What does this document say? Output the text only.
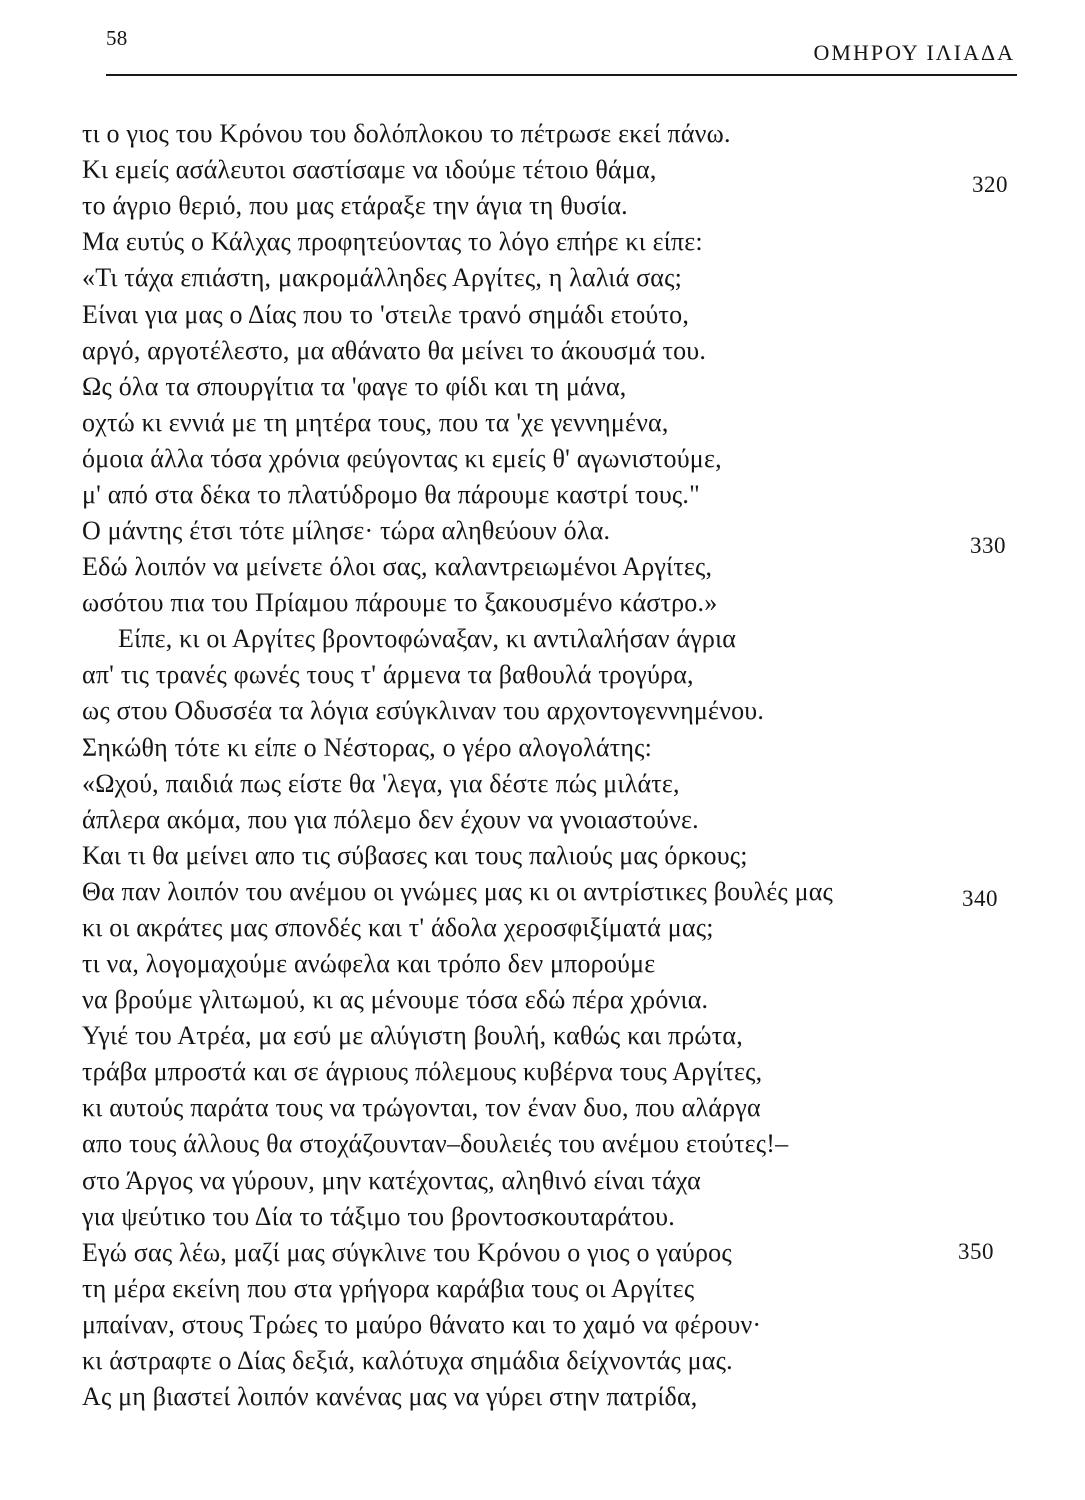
58
ΟΜΗΡΟΥ ΙΛΙΑΔΑ
τι ο γιος του Κρόνου του δολόπλοκου το πέτρωσε εκεί πάνω.
Κι εμείς ασάλευτοι σαστίσαμε να ιδούμε τέτοιο θάμα,
το άγριο θεριό, που μας ετάραξε την άγια τη θυσία.
Μα ευτύς ο Κάλχας προφητεύοντας το λόγο επήρε κι είπε:
«Τι τάχα επιάστη, μακρομάλληδες Αργίτες, η λαλιά σας;
Είναι για μας ο Δίας που το 'στειλε τρανό σημάδι ετούτο,
αργό, αργοτέλεστο, μα αθάνατο θα μείνει το άκουσμά του.
Ως όλα τα σπουργίτια τα 'φαγε το φίδι και τη μάνα,
οχτώ κι εννιά με τη μητέρα τους, που τα 'χε γεννημένα,
όμοια άλλα τόσα χρόνια φεύγοντας κι εμείς θ' αγωνιστούμε,
μ' από στα δέκα το πλατύδρομο θα πάρουμε καστρί τους."
Ο μάντης έτσι τότε μίλησε· τώρα αληθεύουν όλα.
Εδώ λοιπόν να μείνετε όλοι σας, καλαντρειωμένοι Αργίτες,
ωσότου πια του Πρίαμου πάρουμε το ξακουσμένο κάστρο.»
Είπε, κι οι Αργίτες βροντοφώναξαν, κι αντιλαλήσαν άγρια
απ' τις τρανές φωνές τους τ' άρμενα τα βαθουλά τρογύρα,
ως στου Οδυσσέα τα λόγια εσύγκλιναν του αρχοντογεννημένου.
Σηκώθη τότε κι είπε ο Νέστορας, ο γέρο αλογολάτης:
«Ωχού, παιδιά πως είστε θα 'λεγα, για δέστε πώς μιλάτε,
άπλερα ακόμα, που για πόλεμο δεν έχουν να γνοιαστούνε.
Και τι θα μείνει απο τις σύβασες και τους παλιούς μας όρκους;
Θα παν λοιπόν του ανέμου οι γνώμες μας κι οι αντρίστικες βουλές μας
κι οι ακράτες μας σπονδές και τ' άδολα χεροσφιξίματά μας;
τι να, λογομαχούμε ανώφελα και τρόπο δεν μπορούμε
να βρούμε γλιτωμού, κι ας μένουμε τόσα εδώ πέρα χρόνια.
Υγιέ του Ατρέα, μα εσύ με αλύγιστη βουλή, καθώς και πρώτα,
τράβα μπροστά και σε άγριους πόλεμους κυβέρνα τους Αργίτες,
κι αυτούς παράτα τους να τρώγονται, τον έναν δυο, που αλάργα
απο τους άλλους θα στοχάζουνταν–δουλειές του ανέμου ετούτες!–
στο Άργος να γύρουν, μην κατέχοντας, αληθινό είναι τάχα
για ψεύτικο του Δία το τάξιμο του βροντοσκουταράτου.
Εγώ σας λέω, μαζί μας σύγκλινε του Κρόνου ο γιος ο γαύρος
τη μέρα εκείνη που στα γρήγορα καράβια τους οι Αργίτες
μπαίναν, στους Τρώες το μαύρο θάνατο και το χαμό να φέρουν·
κι άστραφτε ο Δίας δεξιά, καλότυχα σημάδια δείχνοντάς μας.
Ας μη βιαστεί λοιπόν κανένας μας να γύρει στην πατρίδα,
320
330
340
350
